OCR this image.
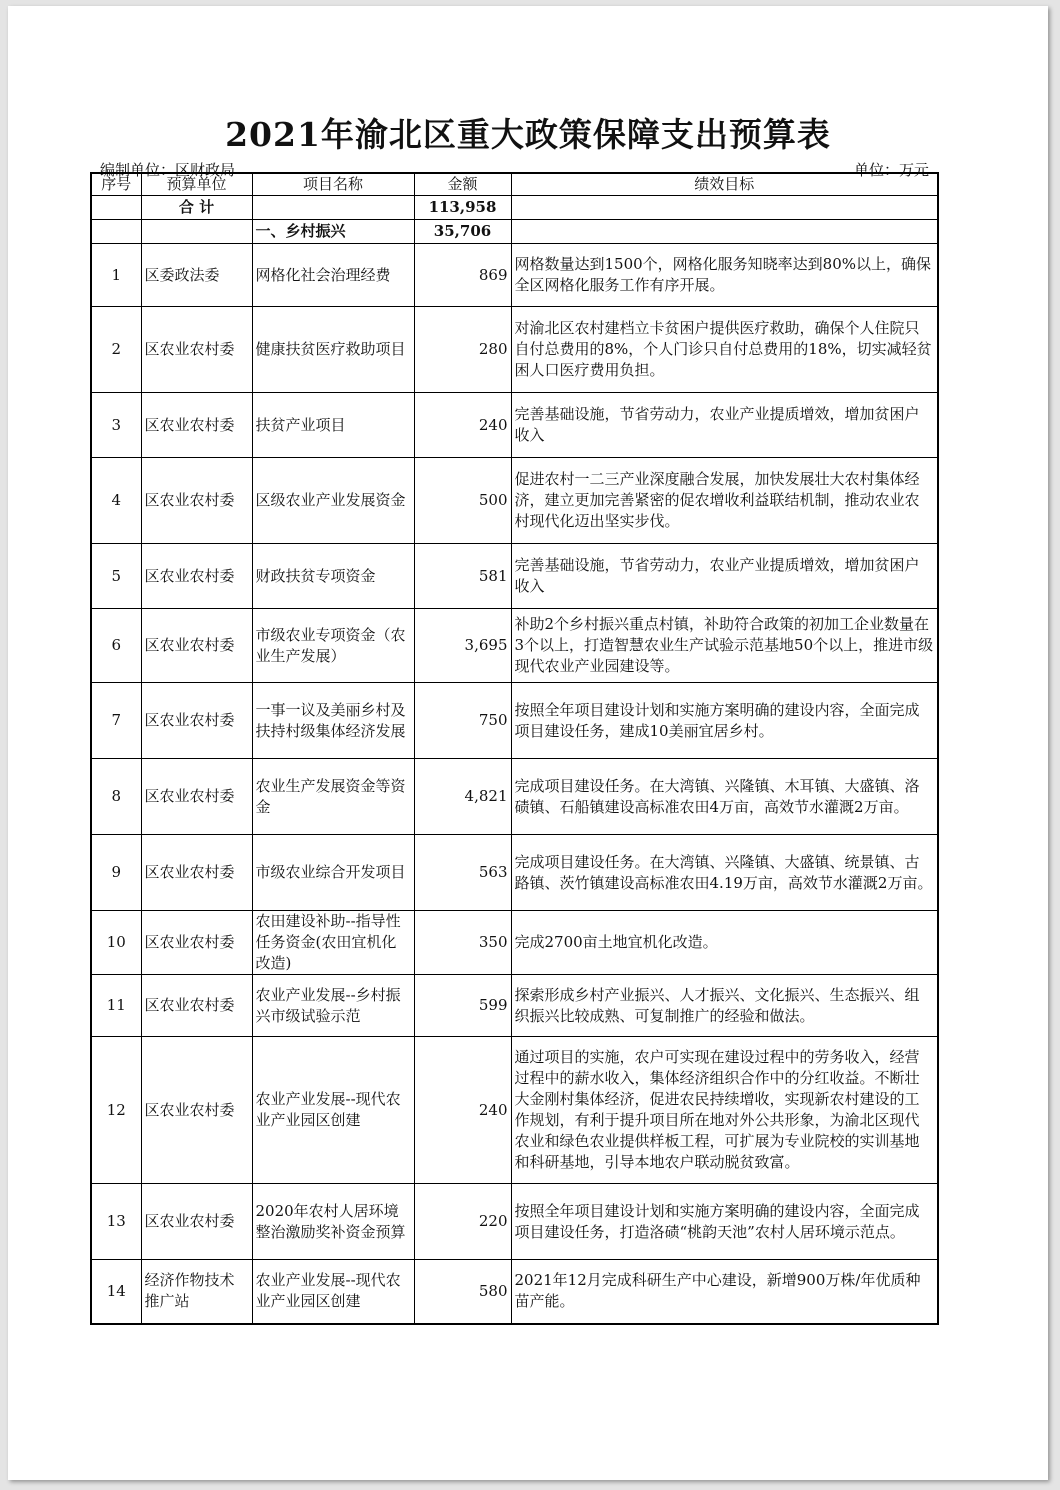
2021年渝北区重大政策保障支出预算表
编制单位：区财政局	单位：万元
序号	预算单位	项目名称	金额	绩效目标
	合 计		113,958	
		一、乡村振兴	35,706	
1	区委政法委	网格化社会治理经费	869	网格数量达到1500个，网格化服务知晓率达到80%以上，确保全区网格化服务工作有序开展。
2	区农业农村委	健康扶贫医疗救助项目	280	对渝北区农村建档立卡贫困户提供医疗救助，确保个人住院只自付总费用的8%，个人门诊只自付总费用的18%，切实减轻贫困人口医疗费用负担。
3	区农业农村委	扶贫产业项目	240	完善基础设施，节省劳动力，农业产业提质增效，增加贫困户收入
4	区农业农村委	区级农业产业发展资金	500	促进农村一二三产业深度融合发展，加快发展壮大农村集体经济，建立更加完善紧密的促农增收利益联结机制，推动农业农村现代化迈出坚实步伐。
5	区农业农村委	财政扶贫专项资金	581	完善基础设施，节省劳动力，农业产业提质增效，增加贫困户收入
6	区农业农村委	市级农业专项资金（农业生产发展）	3,695	补助2个乡村振兴重点村镇，补助符合政策的初加工企业数量在3个以上，打造智慧农业生产试验示范基地50个以上，推进市级现代农业产业园建设等。
7	区农业农村委	一事一议及美丽乡村及扶持村级集体经济发展	750	按照全年项目建设计划和实施方案明确的建设内容，全面完成项目建设任务，建成10美丽宜居乡村。
8	区农业农村委	农业生产发展资金等资金	4,821	完成项目建设任务。在大湾镇、兴隆镇、木耳镇、大盛镇、洛碛镇、石船镇建设高标准农田4万亩，高效节水灌溉2万亩。
9	区农业农村委	市级农业综合开发项目	563	完成项目建设任务。在大湾镇、兴隆镇、大盛镇、统景镇、古路镇、茨竹镇建设高标准农田4.19万亩，高效节水灌溉2万亩。
10	区农业农村委	农田建设补助--指导性任务资金(农田宜机化改造)	350	完成2700亩土地宜机化改造。
11	区农业农村委	农业产业发展--乡村振兴市级试验示范	599	探索形成乡村产业振兴、人才振兴、文化振兴、生态振兴、组织振兴比较成熟、可复制推广的经验和做法。
12	区农业农村委	农业产业发展--现代农业产业园区创建	240	通过项目的实施，农户可实现在建设过程中的劳务收入，经营过程中的薪水收入，集体经济组织合作中的分红收益。不断壮大金刚村集体经济，促进农民持续增收，实现新农村建设的工作规划，有利于提升项目所在地对外公共形象，为渝北区现代农业和绿色农业提供样板工程，可扩展为专业院校的实训基地和科研基地，引导本地农户联动脱贫致富。
13	区农业农村委	2020年农村人居环境整治激励奖补资金预算	220	按照全年项目建设计划和实施方案明确的建设内容，全面完成项目建设任务，打造洛碛“桃韵天池”农村人居环境示范点。
14	经济作物技术推广站	农业产业发展--现代农业产业园区创建	580	2021年12月完成科研生产中心建设，新增900万株/年优质种苗产能。
